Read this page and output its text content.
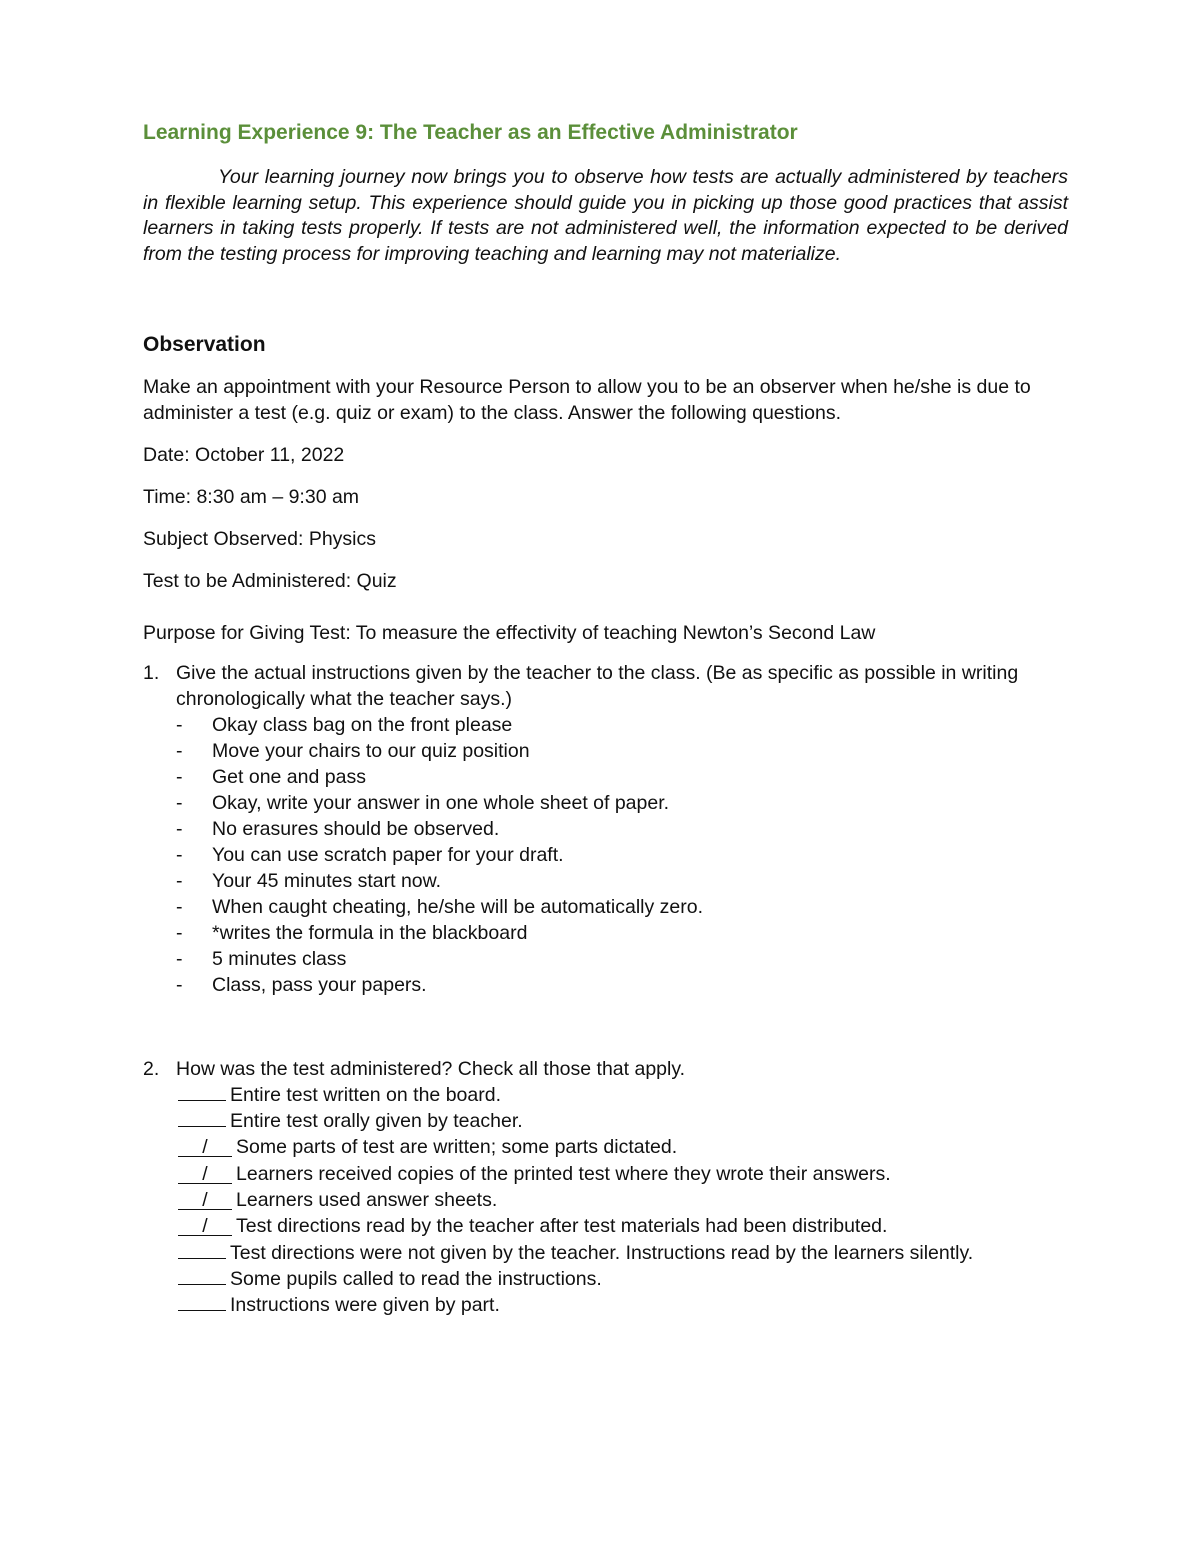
Learning Experience 9: The Teacher as an Effective Administrator

Your learning journey now brings you to observe how tests are actually administered by teachers in flexible learning setup. This experience should guide you in picking up those good practices that assist learners in taking tests properly. If tests are not administered well, the information expected to be derived from the testing process for improving teaching and learning may not materialize.

Observation

Make an appointment with your Resource Person to allow you to be an observer when he/she is due to administer a test (e.g. quiz or exam) to the class. Answer the following questions.

Date: October 11, 2022

Time: 8:30 am – 9:30 am

Subject Observed: Physics

Test to be Administered: Quiz

Purpose for Giving Test: To measure the effectivity of teaching Newton’s Second Law

1. Give the actual instructions given by the teacher to the class. (Be as specific as possible in writing chronologically what the teacher says.)
- Okay class bag on the front please
- Move your chairs to our quiz position
- Get one and pass
- Okay, write your answer in one whole sheet of paper.
- No erasures should be observed.
- You can use scratch paper for your draft.
- Your 45 minutes start now.
- When caught cheating, he/she will be automatically zero.
- *writes the formula in the blackboard
- 5 minutes class
- Class, pass your papers.
2. How was the test administered? Check all those that apply.
Entire test written on the board.
Entire test orally given by teacher.
/ Some parts of test are written; some parts dictated.
/ Learners received copies of the printed test where they wrote their answers.
/ Learners used answer sheets.
/ Test directions read by the teacher after test materials had been distributed.
Test directions were not given by the teacher. Instructions read by the learners silently.
Some pupils called to read the instructions.
Instructions were given by part.
